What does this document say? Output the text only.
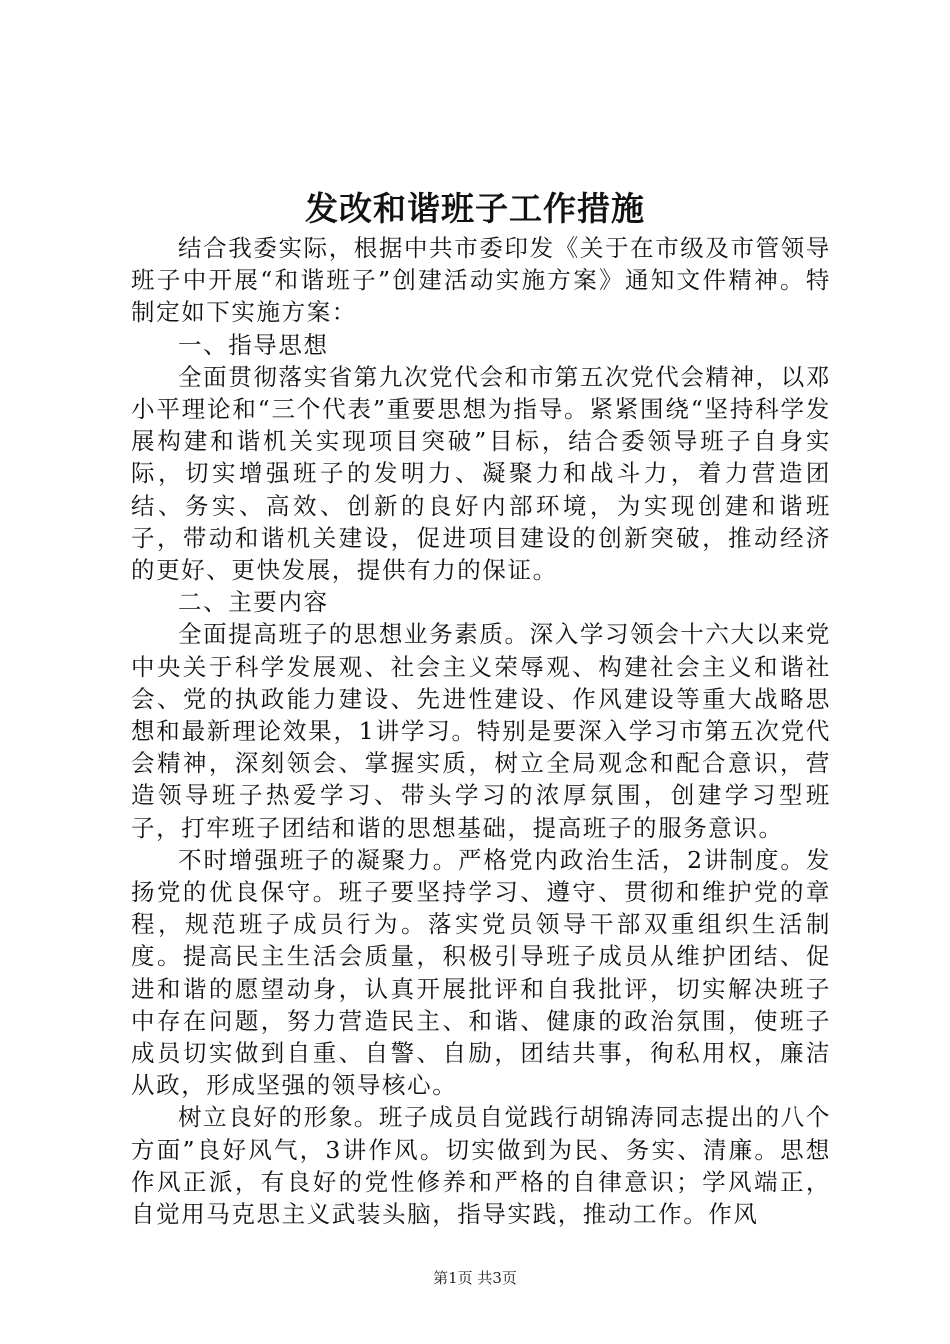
发改和谐班子工作措施

结合我委实际，根据中共市委印发《关于在市级及市管领导班子中开展“和谐班子”创建活动实施方案》通知文件精神。特制定如下实施方案：

一、指导思想

全面贯彻落实省第九次党代会和市第五次党代会精神，以邓小平理论和“三个代表”重要思想为指导。紧紧围绕“坚持科学发展构建和谐机关实现项目突破”目标，结合委领导班子自身实际，切实增强班子的发明力、凝聚力和战斗力，着力营造团结、务实、高效、创新的良好内部环境，为实现创建和谐班子，带动和谐机关建设，促进项目建设的创新突破，推动经济的更好、更快发展，提供有力的保证。

二、主要内容

全面提高班子的思想业务素质。深入学习领会十六大以来党中央关于科学发展观、社会主义荣辱观、构建社会主义和谐社会、党的执政能力建设、先进性建设、作风建设等重大战略思想和最新理论效果，1讲学习。特别是要深入学习市第五次党代会精神，深刻领会、掌握实质，树立全局观念和配合意识，营造领导班子热爱学习、带头学习的浓厚氛围，创建学习型班子，打牢班子团结和谐的思想基础，提高班子的服务意识。

不时增强班子的凝聚力。严格党内政治生活，2讲制度。发扬党的优良保守。班子要坚持学习、遵守、贯彻和维护党的章程，规范班子成员行为。落实党员领导干部双重组织生活制度。提高民主生活会质量，积极引导班子成员从维护团结、促进和谐的愿望动身，认真开展批评和自我批评，切实解决班子中存在问题，努力营造民主、和谐、健康的政治氛围，使班子成员切实做到自重、自警、自励，团结共事，徇私用权，廉洁从政，形成坚强的领导核心。

树立良好的形象。班子成员自觉践行胡锦涛同志提出的八个方面”良好风气，3讲作风。切实做到为民、务实、清廉。思想作风正派，有良好的党性修养和严格的自律意识；学风端正，自觉用马克思主义武装头脑，指导实践，推动工作。作风

第1页 共3页
